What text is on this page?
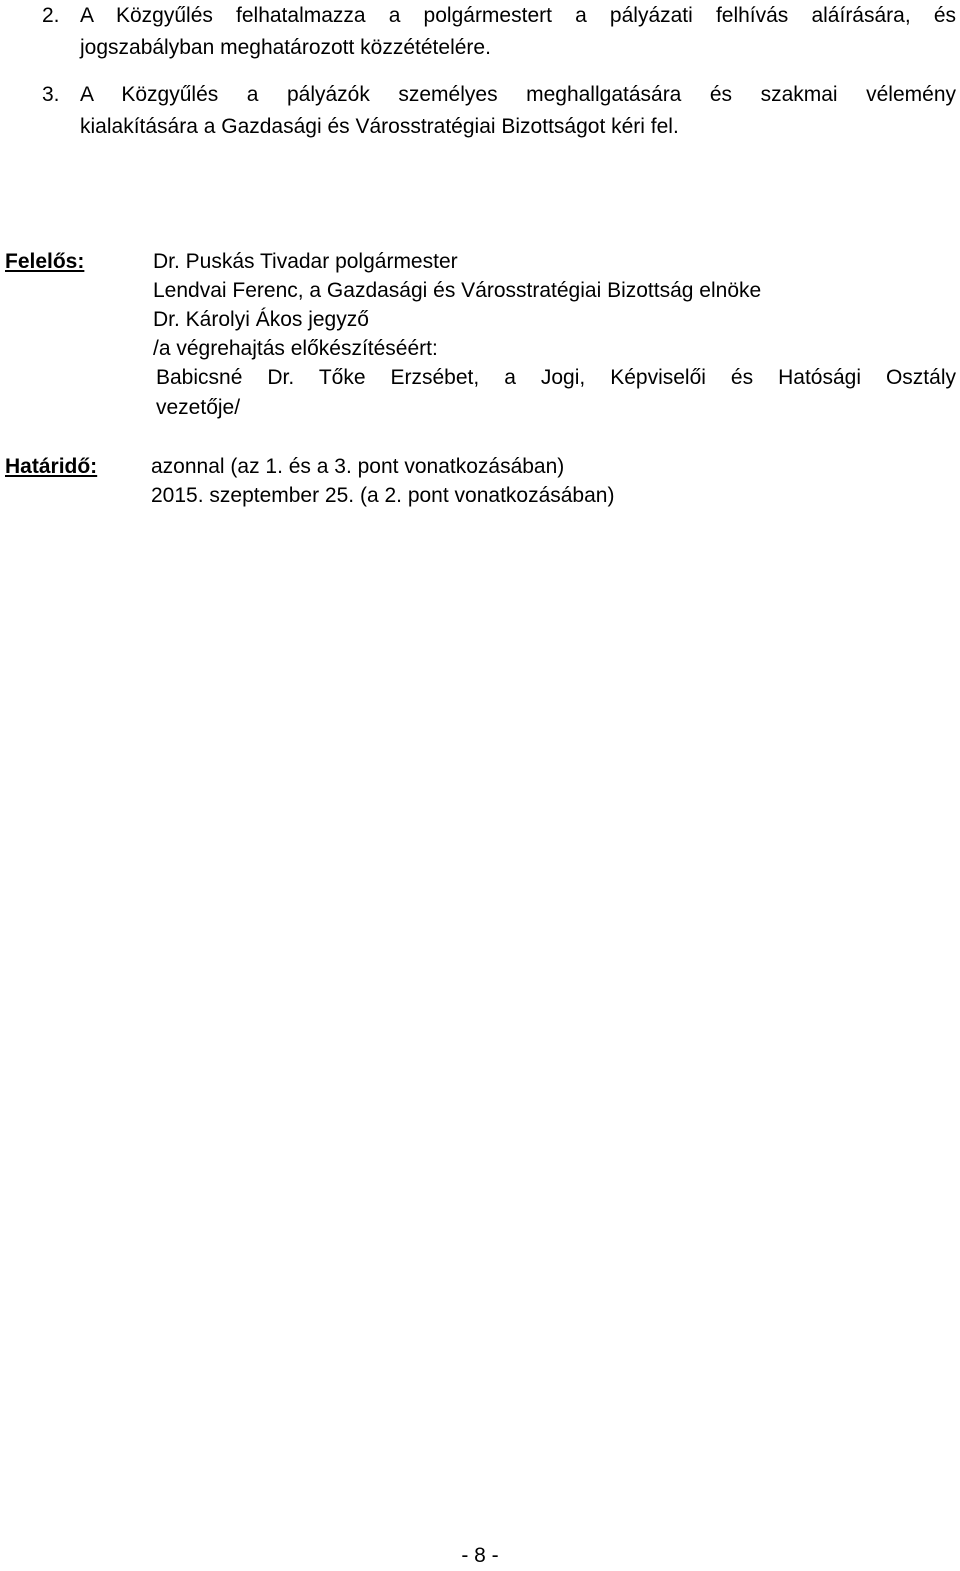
2. A Közgyűlés felhatalmazza a polgármestert a pályázati felhívás aláírására, és
jogszabályban meghatározott közzétételére.
3. A Közgyűlés a pályázók személyes meghallgatására és szakmai vélemény
kialakítására a Gazdasági és Városstratégiai Bizottságot kéri fel.
Felelős:	Dr. Puskás Tivadar polgármester
Lendvai Ferenc, a Gazdasági és Városstratégiai Bizottság elnöke
Dr. Károlyi Ákos jegyző
/a végrehajtás előkészítéséért:
Babicsné Dr. Tőke Erzsébet, a Jogi, Képviselői és Hatósági Osztály
vezetője/
Határidő:	azonnal (az 1. és a 3. pont vonatkozásában)
2015. szeptember 25. (a 2. pont vonatkozásában)
- 8 -
